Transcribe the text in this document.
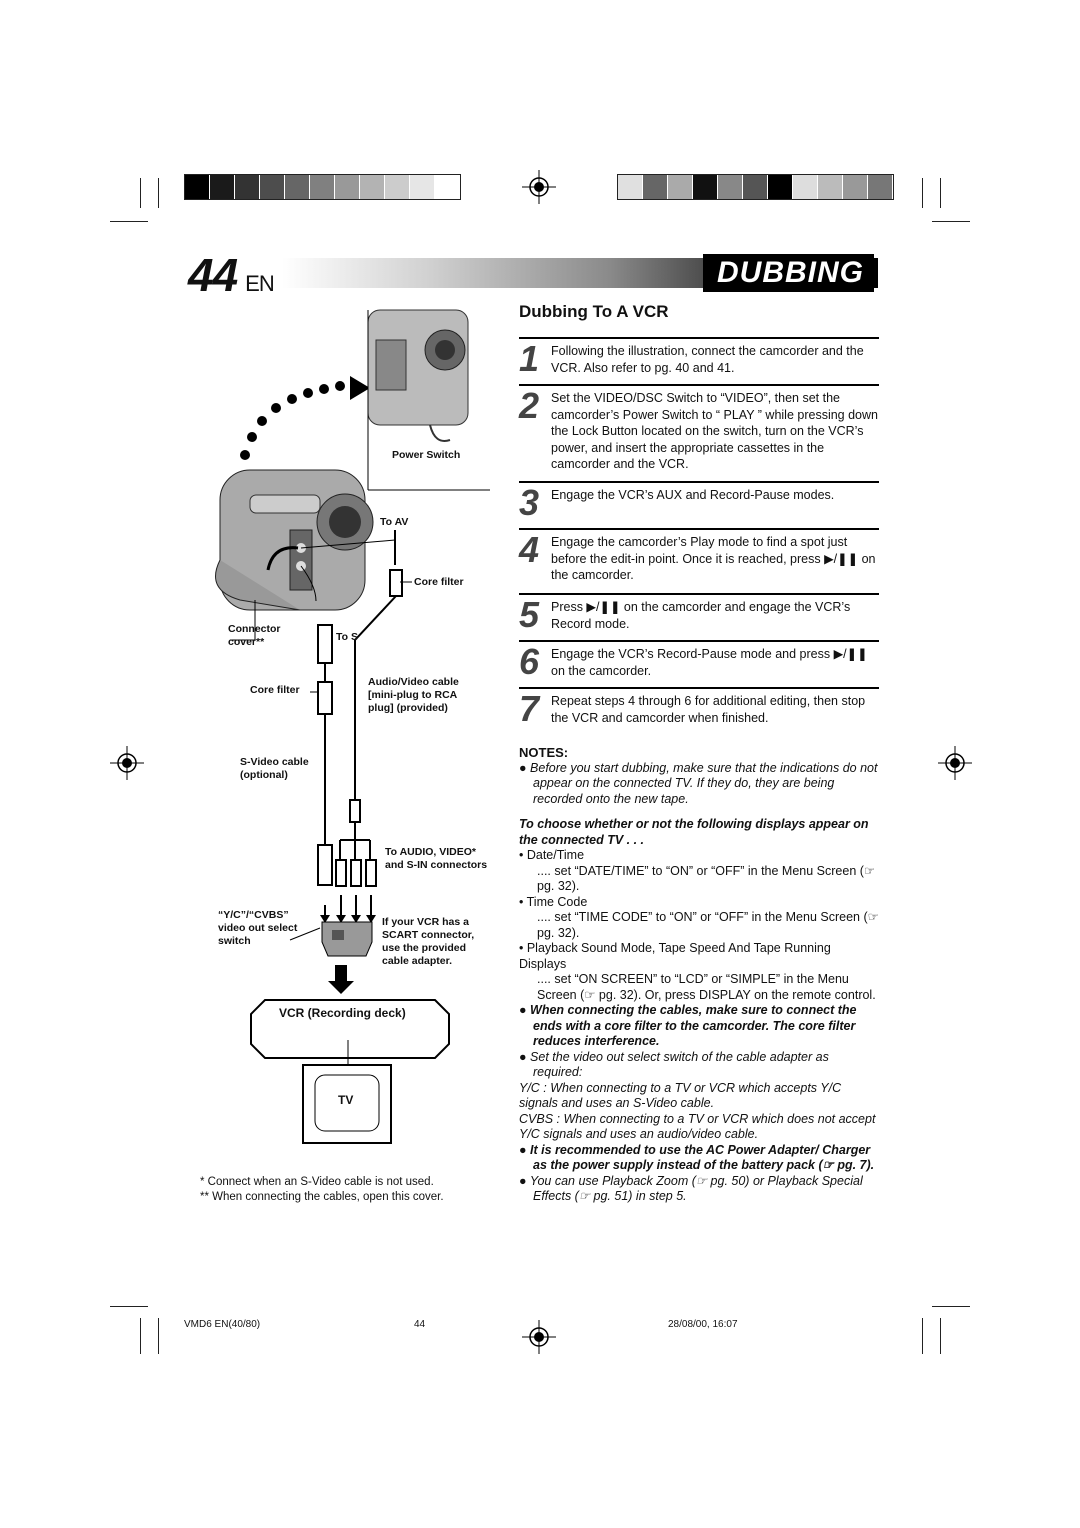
44 EN	DUBBING
Dubbing To A VCR
1 Following the illustration, connect the camcorder and the VCR. Also refer to pg. 40 and 41.
2 Set the VIDEO/DSC Switch to “VIDEO”, then set the camcorder’s Power Switch to “ PLAY ” while pressing down the Lock Button located on the switch, turn on the VCR’s power, and insert the appropriate cassettes in the camcorder and the VCR.
3 Engage the VCR’s AUX and Record-Pause modes.
4 Engage the camcorder’s Play mode to find a spot just before the edit-in point. Once it is reached, press ▶/❚❚ on the camcorder.
5 Press ▶/❚❚ on the camcorder and engage the VCR’s Record mode.
6 Engage the VCR’s Record-Pause mode and press ▶/❚❚ on the camcorder.
7 Repeat steps 4 through 6 for additional editing, then stop the VCR and camcorder when finished.

NOTES:

● Before you start dubbing, make sure that the indications do not appear on the connected TV. If they do, they are being recorded onto the new tape.

To choose whether or not the following displays appear on the connected TV . . .

• Date/Time

.... set “DATE/TIME” to “ON” or “OFF” in the Menu Screen (☞ pg. 32).

• Time Code

.... set “TIME CODE” to “ON” or “OFF” in the Menu Screen (☞ pg. 32).

• Playback Sound Mode, Tape Speed And Tape Running Displays

.... set “ON SCREEN” to “LCD” or “SIMPLE” in the Menu Screen (☞ pg. 32). Or, press DISPLAY on the remote control.

● When connecting the cables, make sure to connect the ends with a core filter to the camcorder. The core filter reduces interference.

● Set the video out select switch of the cable adapter as required:

Y/C : When connecting to a TV or VCR which accepts Y/C signals and uses an S-Video cable.

CVBS : When connecting to a TV or VCR which does not accept Y/C signals and uses an audio/video cable.

● It is recommended to use the AC Power Adapter/ Charger as the power supply instead of the battery pack (☞ pg. 7).

● You can use Playback Zoom (☞ pg. 50) or Playback Special Effects (☞ pg. 51) in step 5.

Power Switch
To AV
Core filter
Connector cover**	To S
Core filter
Audio/Video cable [mini-plug to RCA plug] (provided)
S-Video cable (optional)
To AUDIO, VIDEO* and S-IN connectors
“Y/C”/“CVBS” video out select switch
If your VCR has a SCART connector, use the provided cable adapter.
VCR (Recording deck)
TV
* Connect when an S-Video cable is not used.
** When connecting the cables, open this cover.
VMD6 EN(40/80)	44	28/08/00, 16:07
